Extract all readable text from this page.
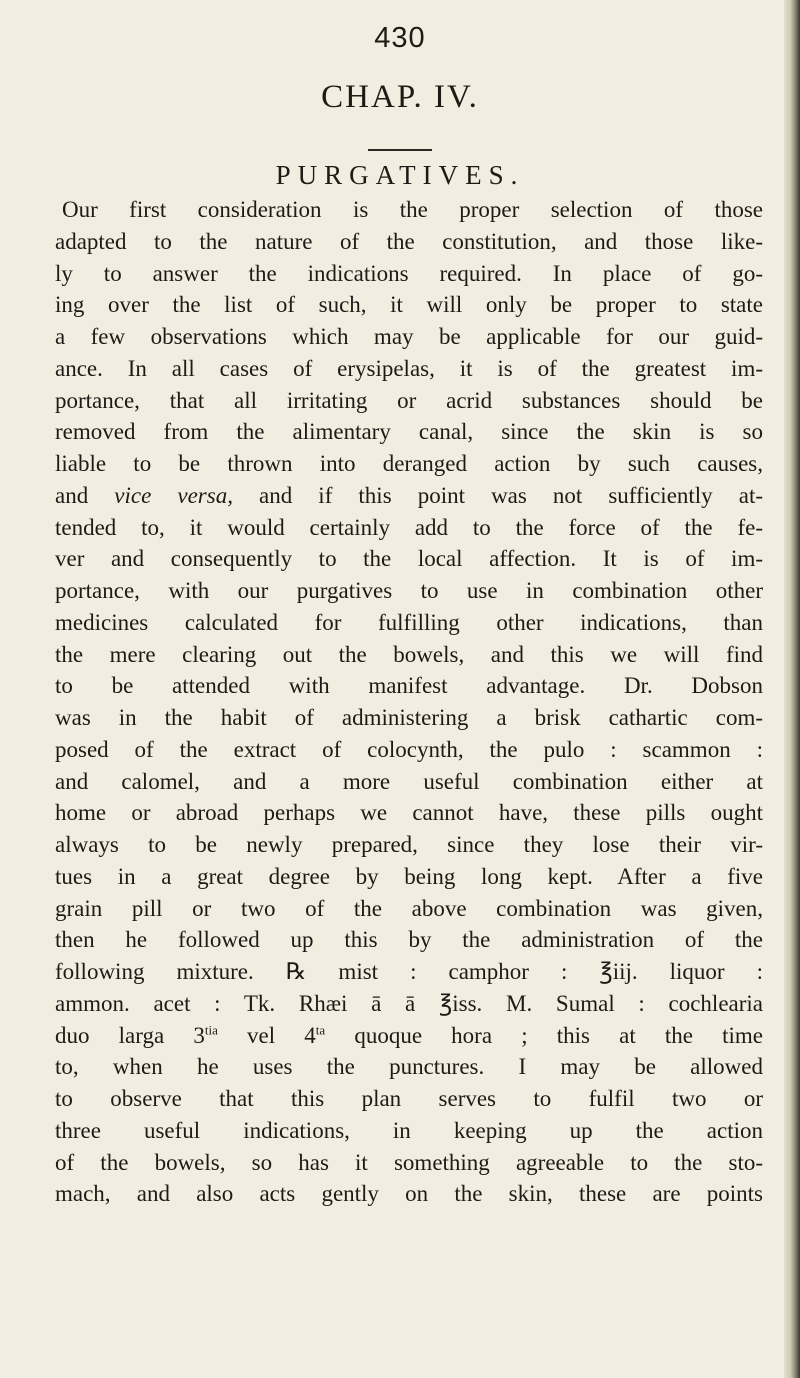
430
CHAP. IV.
PURGATIVES.
Our first consideration is the proper selection of those
adapted to the nature of the constitution, and those like-
ly to answer the indications required. In place of go-
ing over the list of such, it will only be proper to state
a few observations which may be applicable for our guid-
ance. In all cases of erysipelas, it is of the greatest im-
portance, that all irritating or acrid substances should be
removed from the alimentary canal, since the skin is so
liable to be thrown into deranged action by such causes,
and vice versa, and if this point was not sufficiently at-
tended to, it would certainly add to the force of the fe-
ver and consequently to the local affection. It is of im-
portance, with our purgatives to use in combination other
medicines calculated for fulfilling other indications, than
the mere clearing out the bowels, and this we will find
to be attended with manifest advantage. Dr. Dobson
was in the habit of administering a brisk cathartic com-
posed of the extract of colocynth, the pulo : scammon :
and calomel, and a more useful combination either at
home or abroad perhaps we cannot have, these pills ought
always to be newly prepared, since they lose their vir-
tues in a great degree by being long kept. After a five
grain pill or two of the above combination was given,
then he followed up this by the administration of the
following mixture. ℞ mist : camphor : ℥iij. liquor :
ammon. acet : Tk. Rhæi ā ā ℥iss. M. Sumal : cochlearia
duo larga $3^{tia}$ vel $4^{ta}$ quoque hora ; this at the time
to, when he uses the punctures. I may be allowed
to observe that this plan serves to fulfil two or
three useful indications, in keeping up the action
of the bowels, so has it something agreeable to the sto-
mach, and also acts gently on the skin, these are points
